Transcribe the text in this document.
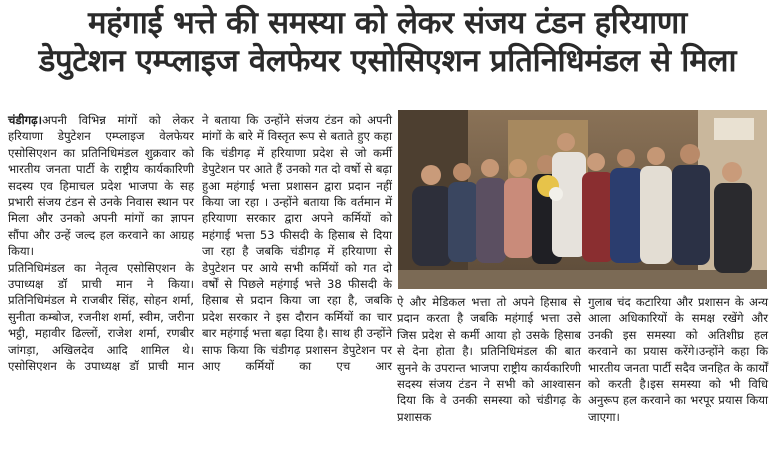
महंगाई भत्ते की समस्या को लेकर संजय टंडन हरियाणा
डेपुटेशन एम्प्लाइज वेलफेयर एसोसिएशन प्रतिनिधिमंडल से मिला

चंडीगढ़।अपनी विभिन्न मांगों को लेकर हरियाणा डेपुटेशन एम्प्लाइज वेलफेयर एसोसिएशन का प्रतिनिधिमंडल शुक्रवार को भारतीय जनता पार्टी के राष्ट्रीय कार्यकारिणी सदस्य एव हिमाचल प्रदेश भाजपा के सह प्रभारी संजय टंडन से उनके निवास स्थान पर मिला और उनको अपनी मांगों का ज्ञापन सौंपा और उन्हें जल्द हल करवाने का आग्रह किया।

प्रतिनिधिमंडल का नेतृत्व एसोसिएशन के उपाध्यक्ष डॉ प्राची मान ने किया। प्रतिनिधिमंडल मे राजबीर सिंह, सोहन शर्मा, सुनीता कम्बोज, रजनीश शर्मा, स्वीम, जरीना भट्ठी, महावीर ढिल्लों, राजेश शर्मा, रणबीर जांगड़ा, अखिलदेव आदि शामिल थे।

एसोसिएशन के उपाध्यक्ष डॉ प्राची मान

ने बताया कि उन्होंने संजय टंडन को अपनी मांगों के बारे में विस्तृत रूप से बताते हुए कहा कि चंडीगढ़ में हरियाणा प्रदेश से जो कर्मी डेपुटेशन पर आते हैं उनको गत दो वर्षो से बढ़ा हुआ महंगाई भत्ता प्रशासन द्वारा प्रदान नहीं किया जा रहा । उन्होंने बताया कि वर्तमान में हरियाणा सरकार द्वारा अपने कर्मियों को महंगाई भत्ता 53 फीसदी के हिसाब से दिया जा रहा है जबकि चंडीगढ़ में हरियाणा से डेपुटेशन पर आये सभी कर्मियों को गत दो वर्षों से पिछले महंगाई भत्ते 38 फीसदी के हिसाब से प्रदान किया जा रहा है, जबकि प्रदेश सरकार ने इस दौरान कर्मियों का चार बार महंगाई भत्ता बढ़ा दिया है। साथ ही उन्होंने साफ किया कि चंडीगढ़ प्रशासन डेपुटेशन पर आए कर्मियों का एच आर

ऐ और मेडिकल भत्ता तो अपने हिसाब से प्रदान करता है जबकि महंगाई भत्ता उसे जिस प्रदेश से कर्मी आया हो उसके हिसाब से देना होता है। प्रतिनिधिमंडल की बात सुनने के उपरान्त भाजपा राष्ट्रीय कार्यकारिणी सदस्य संजय टंडन ने सभी को आश्वासन दिया कि वे उनकी समस्या को चंडीगढ़ के प्रशासक

गुलाब चंद कटारिया और प्रशासन के अन्य आला अधिकारियों के समक्ष रखेंगे और उनकी इस समस्या को अतिशीघ्र हल करवाने का प्रयास करेंगे।उन्होंने कहा कि भारतीय जनता पार्टी सदैव जनहित के कार्यों को करती है।इस समस्या को भी विधि अनुरूप हल करवाने का भरपूर प्रयास किया जाएगा।
